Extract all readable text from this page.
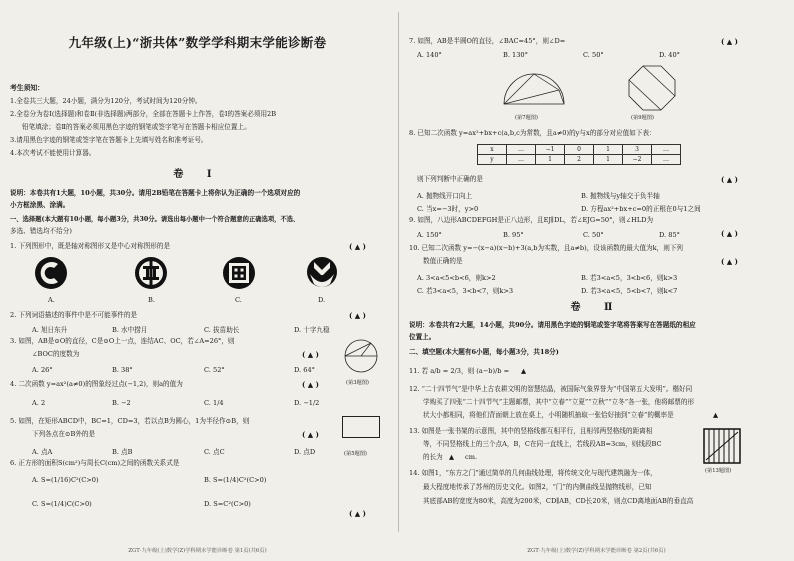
九年级(上)“浙共体”数学学科期末学能诊断卷
考生须知：
1.全卷共三大题，24小题，满分为120分，考试时间为120分钟。
2.全卷分为卷Ⅰ(选择题)和卷Ⅱ(非选择题)两部分，全部在答题卡上作答，卷Ⅰ的答案必须用2B
铅笔填涂；卷Ⅱ的答案必须用黑色字迹的钢笔或签字笔写在答题卡相应位置上。
3.请用黑色字迹的钢笔或签字笔在答题卡上先填写姓名和准考证号。
4.本次考试不能使用计算器。
卷 Ⅰ
说明：本卷共有1大题，10小题，共30分。请用2B铅笔在答题卡上将你认为正确的一个选项对应的
小方框涂黑、涂满。
一、选择题(本大题有10小题，每小题3分，共30分。请选出每小题中一个符合题意的正确选项，不选、
多选、错选均不给分)
1. 下列图形中，既是轴对称图形又是中心对称图形的是	( ▲ )
A.	B.	C.	D.
2. 下列词语描述的事件中是不可能事件的是	( ▲ )
A. 旭日东升	B. 水中捞月	C. 拔苗助长	D. 十字九稳
3. 如图，AB是⊙O的直径，C是⊙O上一点，连结AC、OC，若∠A=26°，则
∠BOC的度数为	( ▲ )
A. 26°	B. 38°	C. 52°	D. 64°
(第3题图)
4. 二次函数 y=ax²(a≠0)的图象经过点(−1,2)，则a的值为	( ▲ )
A. 2	B. −2	C. 1/4	D. −1/2
5. 如图，在矩形ABCD中，BC=1，CD=3，若以点B为圆心，1为半径作⊙B，则
下列各点在⊙B外的是	( ▲ )
A. 点A	B. 点B	C. 点C	D. 点D	(第5题图)
6. 正方形的面积S(cm²)与周长C(cm)之间的函数关系式是
A. S=(1/16)C²(C>0)	B. S=(1/4)C²(C>0)
C. S=(1/4)C(C>0)	D. S=C²(C>0)
( ▲ )
ZGT·九年级(上)数学(Z)学科期末学能诊断卷 第1页(共6页)
7. 如图，AB是半圆O的直径，∠BAC=45°，则∠D=	( ▲ )
A. 140°	B. 130°	C. 50°	D. 40°
(第7题图)	(第9题图)
8. 已知二次函数 y=ax²+bx+c(a,b,c为常数，且a≠0)的y与x的部分对应值如下表：
x	…	−1	0	1	3	…
y	…	1	2	1	−2	…
则下列判断中正确的是	( ▲ )
A. 抛物线开口向上	B. 抛物线与y轴交于负半轴
C. 当x=−3时，y>0	D. 方程ax²+bx+c=0的正根在0与1之间
9. 如图，八边形ABCDEFGH是正八边形，且EJ∥DL，若∠EJG=50°，则∠HLD为
( ▲ )
A. 150°	B. 95°	C. 50°	D. 85°
10. 已知二次函数 y=−(x−a)(x−b)+3(a,b为实数，且a≠b)，设该函数的最大值为k，则下列
数值正确的是	( ▲ )
A. 3<a<5<b<6，则k>2	B. 若3<a<5，3<b<6，则k>3
C. 若3<a<5，3<b<7，则k>3	D. 若3<a<5，5<b<7，则k<7
卷 Ⅱ
说明：本卷共有2大题，14小题，共90分。请用黑色字迹的钢笔或签字笔将答案写在答题纸的相应
位置上。
二、填空题(本大题有6小题，每小题3分，共18分)
11. 若 a/b = 2/3，则 (a−b)/b = ▲
12. “二十四节气”是中华上古农耕文明的智慧结晶，被国际气象界誉为“中国第五大发明”。楷好同
学购买了四张“二十四节气”主题邮票，其中“立春”“立夏”“立秋”“立冬”各一张，他将邮票的形
状大小都相同，将他们背面朝上放在桌上，小明随机抽取一张恰好抽到“立春”的概率是	▲
13. 如图是一张书架的示意图，其中的竖格线都互相平行，且相邻两竖格线的距离相
等，不同竖格线上的三个点A，B，C在同一直线上，若线段AB=3cm，则线段BC
的长为 ▲ cm.
(第13题图)
14. 如图1，“东方之门”通过简单的几何曲线处理，将传统文化与现代建筑融为一体，
最大程度地传承了苏州的历史文化。如图2，“门”的内侧曲线呈抛物线形，已知
其底部AB的宽度为80米，高度为200米，CD∥AB，CD长20米，则点CD离地面AB的垂直高
ZGT·九年级(上)数学(Z)学科期末学能诊断卷 第2页(共6页)
